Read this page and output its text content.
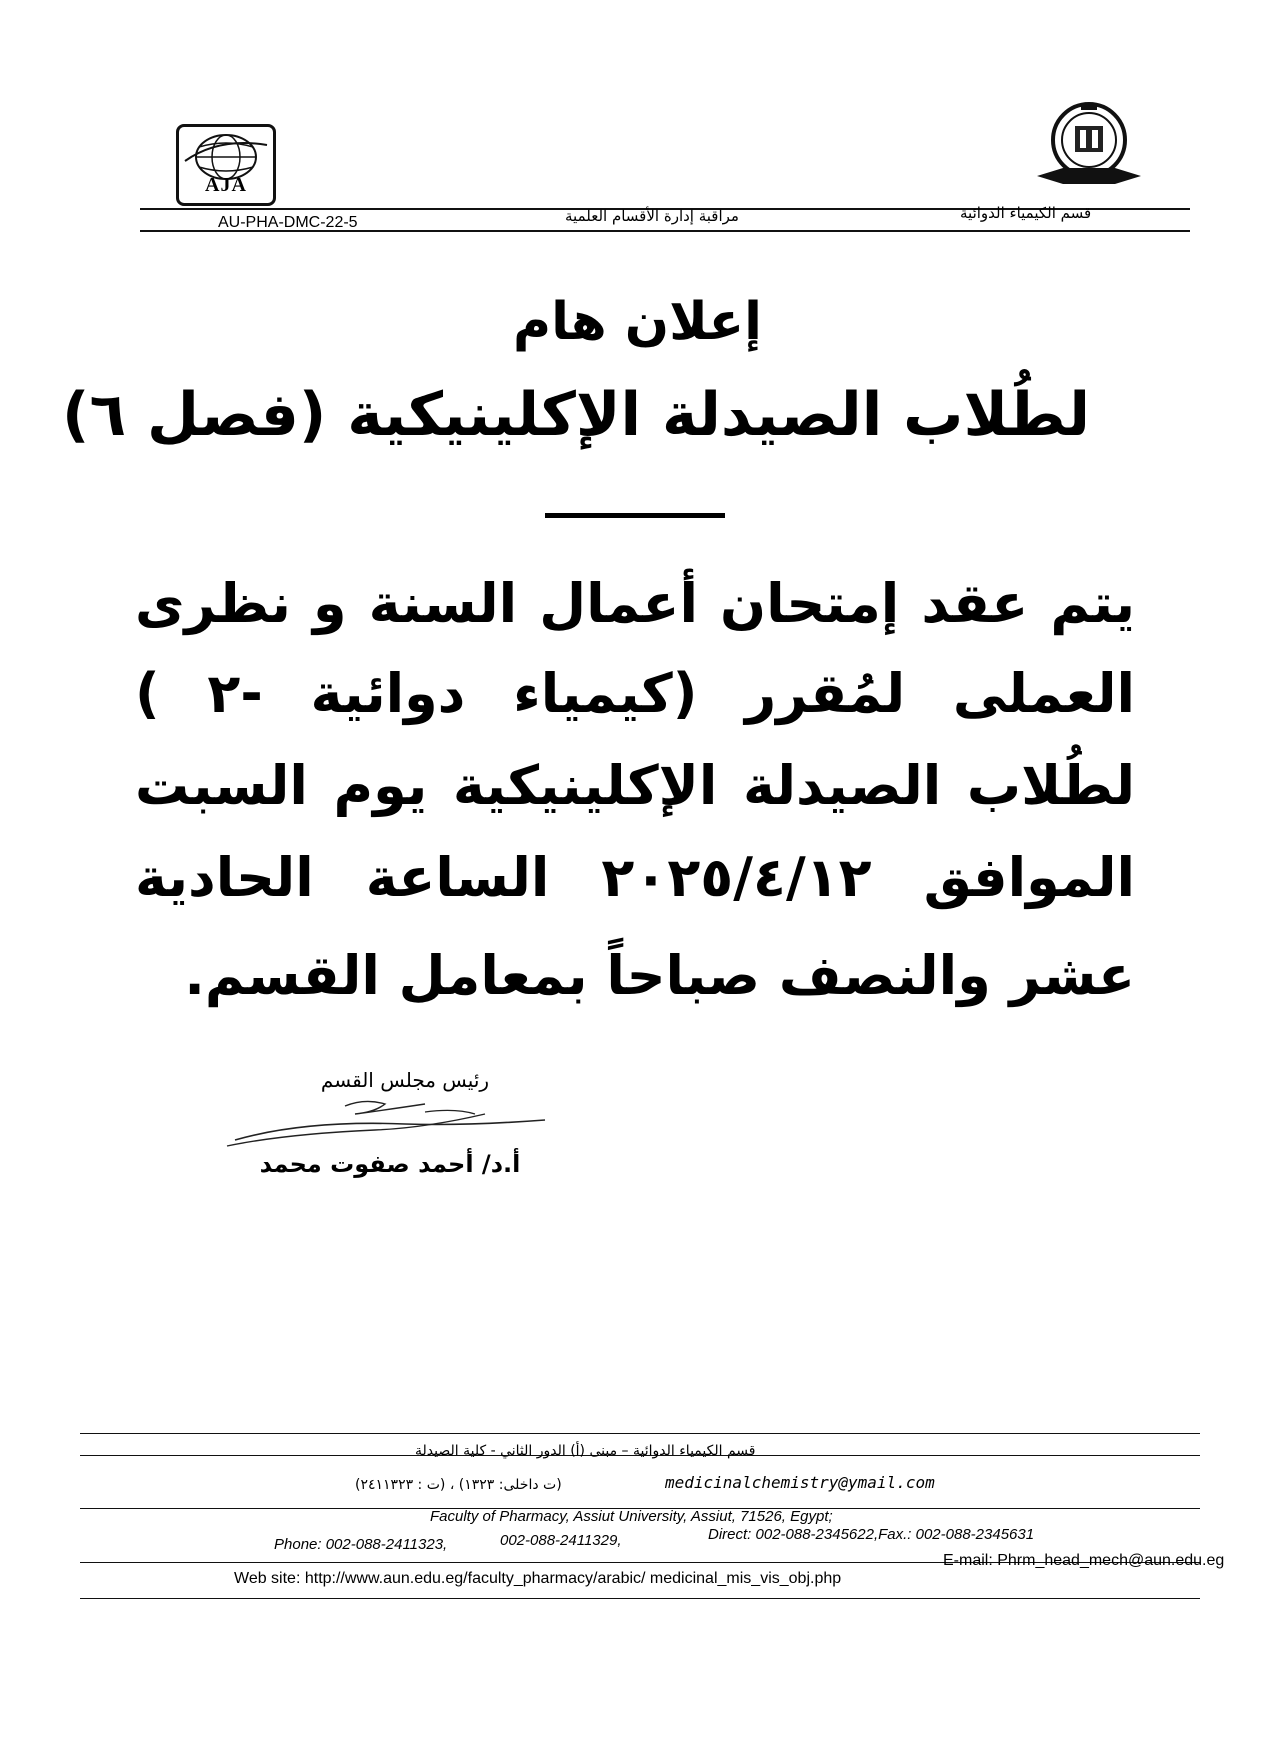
AJA
قسم الكيمياء الدوائية
مراقبة إدارة الأقسام العلمية
AU-PHA-DMC-22-5
إعلان هام
لطُلاب الصيدلة الإكلينيكية (فصل ٦)
يتم عقد إمتحان أعمال السنة و نظرى
العملى لمُقرر (كيمياء دوائية -٢ )
لطُلاب الصيدلة الإكلينيكية يوم السبت
الموافق ٢٠٢٥/٤/١٢ الساعة الحادية
عشر والنصف صباحاً بمعامل القسم.
رئيس مجلس القسم
أ.د/ أحمد صفوت محمد
قسم الكيمياء الدوائية – مبنى (أ) الدور الثاني - كلية الصيدلة
(ت داخلى: ١٣٢٣) ، (ت : ٢٤١١٣٢٣)	medicinalchemistry@ymail.com
Faculty of Pharmacy, Assiut University, Assiut, 71526, Egypt;
Phone: 002-088-2411323,	002-088-2411329,	Direct: 002-088-2345622,Fax.: 002-088-2345631
Web site: http://www.aun.edu.eg/faculty_pharmacy/arabic/ medicinal_mis_vis_obj.php
E-mail: Phrm_head_mech@aun.edu.eg
